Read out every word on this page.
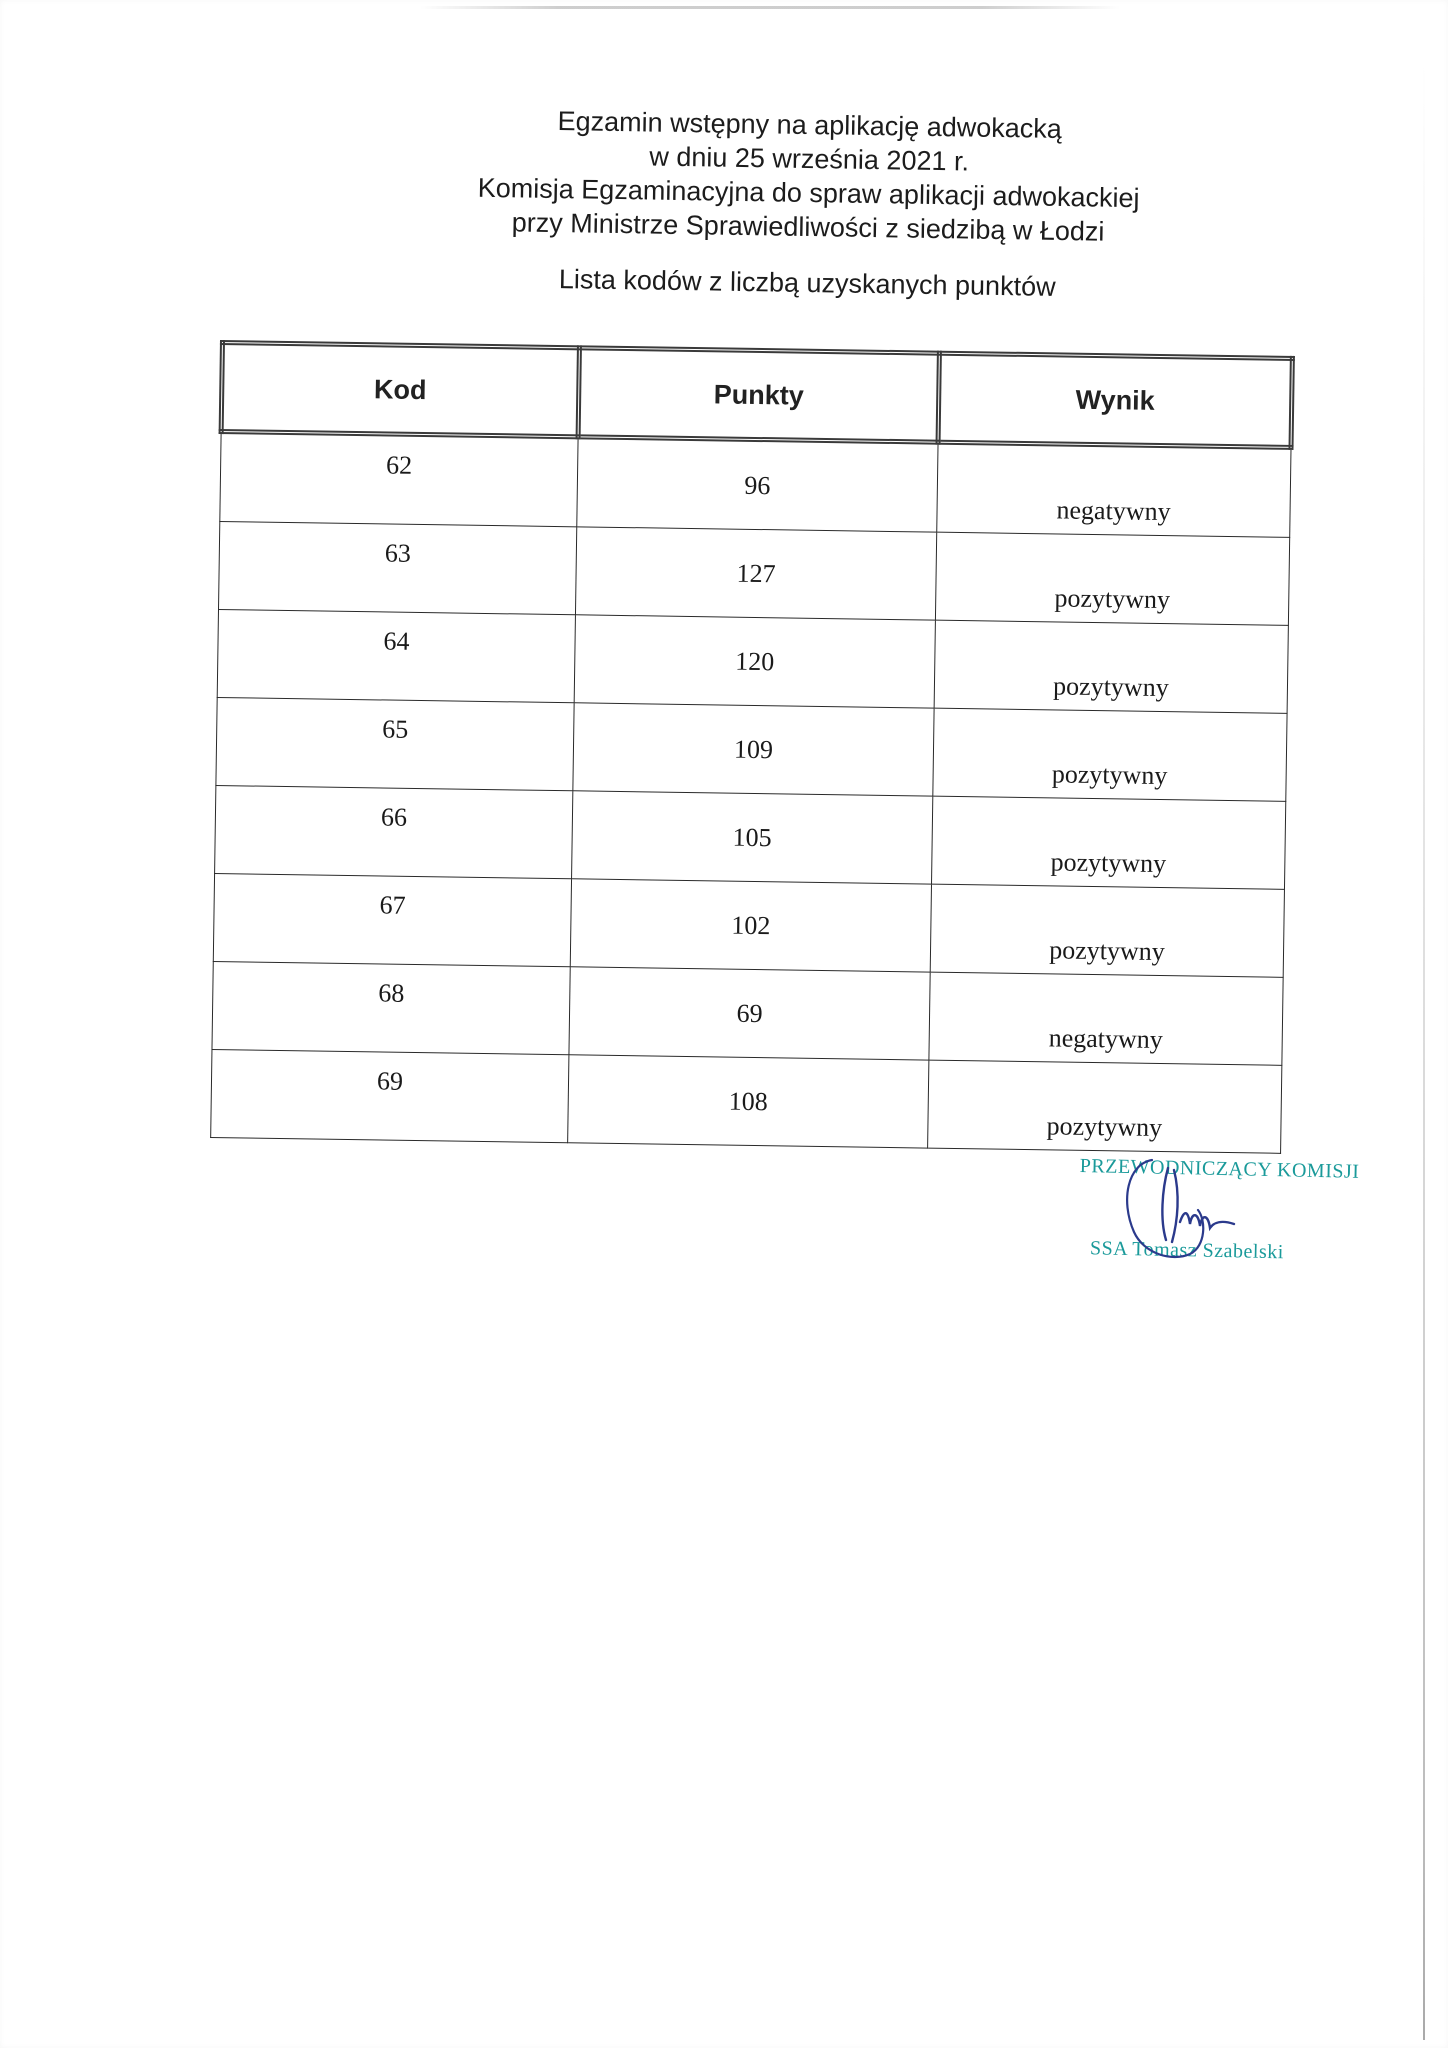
Egzamin wstępny na aplikację adwokacką
w dniu 25 września 2021 r.
Komisja Egzaminacyjna do spraw aplikacji adwokackiej
przy Ministrze Sprawiedliwości z siedzibą w Łodzi
Lista kodów z liczbą uzyskanych punktów
Kod	Punkty	Wynik
62	96	negatywny
63	127	pozytywny
64	120	pozytywny
65	109	pozytywny
66	105	pozytywny
67	102	pozytywny
68	69	negatywny
69	108	pozytywny
PRZEWODNICZĄCY KOMISJI
SSA Tomasz Szabelski
